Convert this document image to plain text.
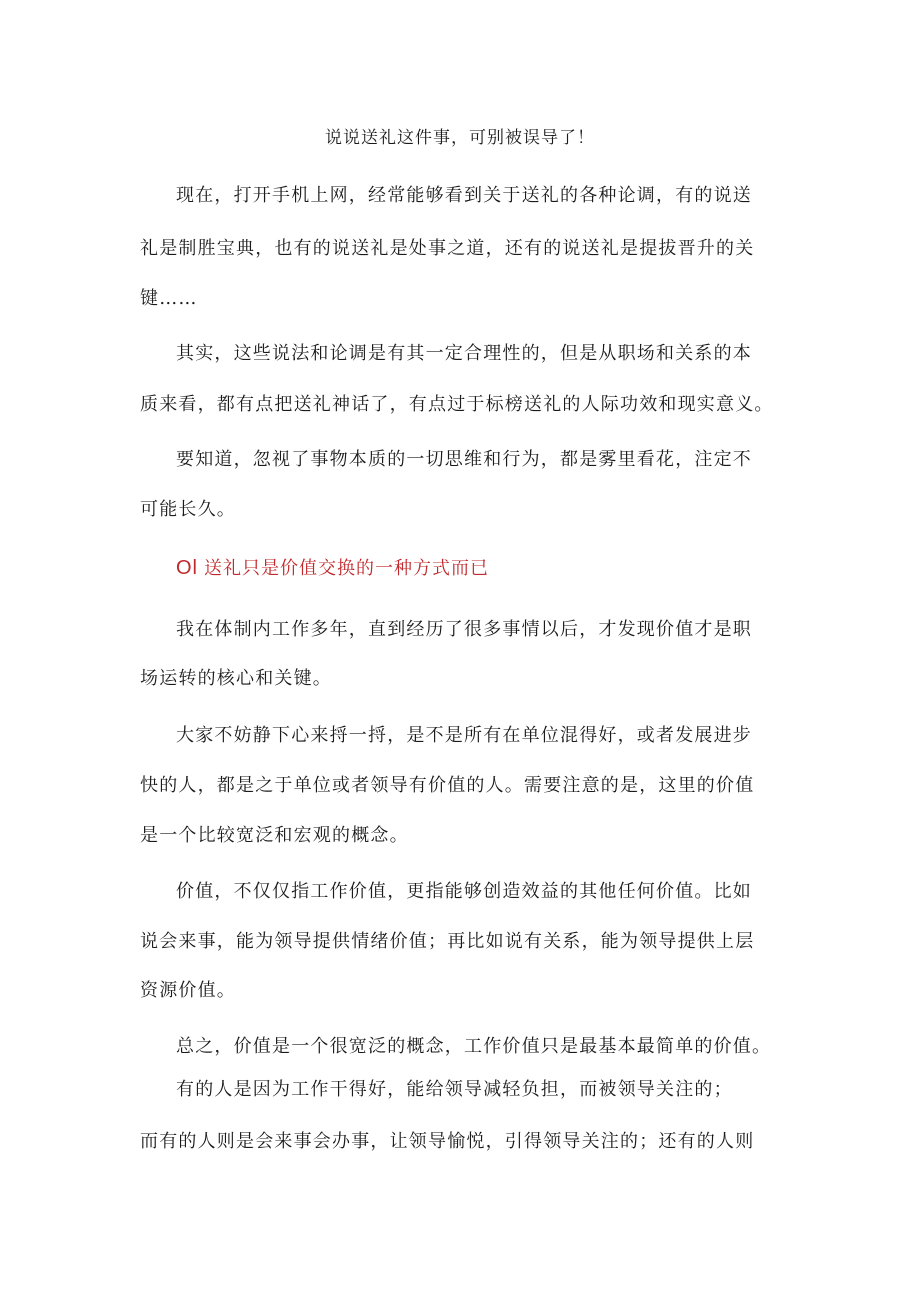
说说送礼这件事，可别被误导了！
现在，打开手机上网，经常能够看到关于送礼的各种论调，有的说送
礼是制胜宝典，也有的说送礼是处事之道，还有的说送礼是提拔晋升的关
键……
其实，这些说法和论调是有其一定合理性的，但是从职场和关系的本
质来看，都有点把送礼神话了，有点过于标榜送礼的人际功效和现实意义。
要知道，忽视了事物本质的一切思维和行为，都是雾里看花，注定不
可能长久。
Ol 送礼只是价值交换的一种方式而已
我在体制内工作多年，直到经历了很多事情以后，才发现价值才是职
场运转的核心和关键。
大家不妨静下心来捋一捋，是不是所有在单位混得好，或者发展进步
快的人，都是之于单位或者领导有价值的人。需要注意的是，这里的价值
是一个比较宽泛和宏观的概念。
价值，不仅仅指工作价值，更指能够创造效益的其他任何价值。比如
说会来事，能为领导提供情绪价值；再比如说有关系，能为领导提供上层
资源价值。
总之，价值是一个很宽泛的概念，工作价值只是最基本最简单的价值。
有的人是因为工作干得好，能给领导减轻负担，而被领导关注的；
而有的人则是会来事会办事，让领导愉悦，引得领导关注的；还有的人则
